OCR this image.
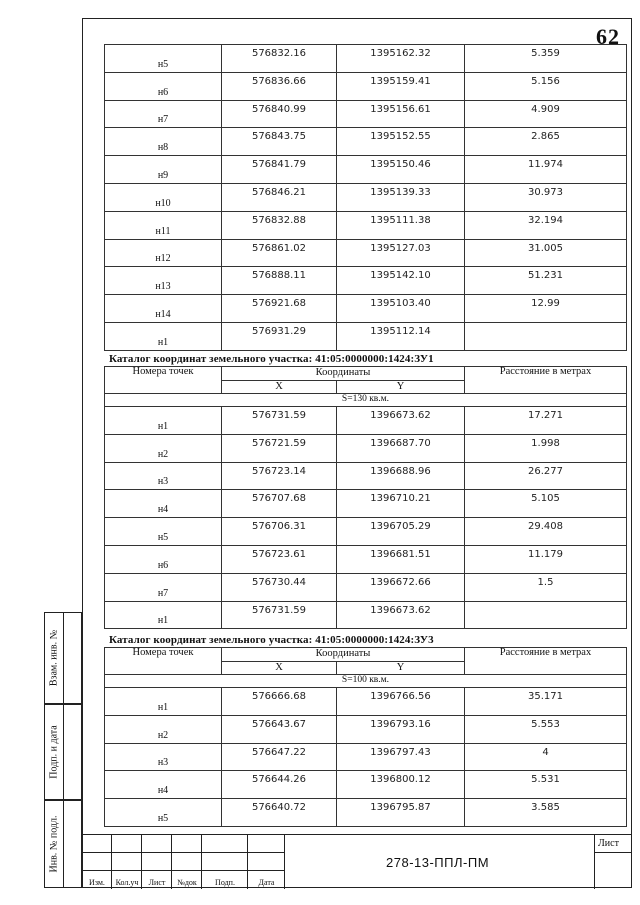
62
н5	576832.16	1395162.32	5.359
н6	576836.66	1395159.41	5.156
н7	576840.99	1395156.61	4.909
н8	576843.75	1395152.55	2.865
н9	576841.79	1395150.46	11.974
н10	576846.21	1395139.33	30.973
н11	576832.88	1395111.38	32.194
н12	576861.02	1395127.03	31.005
н13	576888.11	1395142.10	51.231
н14	576921.68	1395103.40	12.99
н1	576931.29	1395112.14	
Каталог координат земельного участка: 41:05:0000000:1424:ЗУ1
Номера точек	Координаты		Расстояние в метрах
	X	Y	
S=130 кв.м.			
н1	576731.59	1396673.62	17.271
н2	576721.59	1396687.70	1.998
н3	576723.14	1396688.96	26.277
н4	576707.68	1396710.21	5.105
н5	576706.31	1396705.29	29.408
н6	576723.61	1396681.51	11.179
н7	576730.44	1396672.66	1.5
н1	576731.59	1396673.62	
Каталог координат земельного участка: 41:05:0000000:1424:ЗУ3
Номера точек	Координаты		Расстояние в метрах
	X	Y	
S=100 кв.м.			
н1	576666.68	1396766.56	35.171
н2	576643.67	1396793.16	5.553
н3	576647.22	1396797.43	4
н4	576644.26	1396800.12	5.531
н5	576640.72	1396795.87	3.585
Взам. инв. №
Подп. и дата
Инв. № подл.
Изм.	Кол.уч	Лист	№док	Подп.	Дата
278-13-ППЛ-ПМ
Лист
